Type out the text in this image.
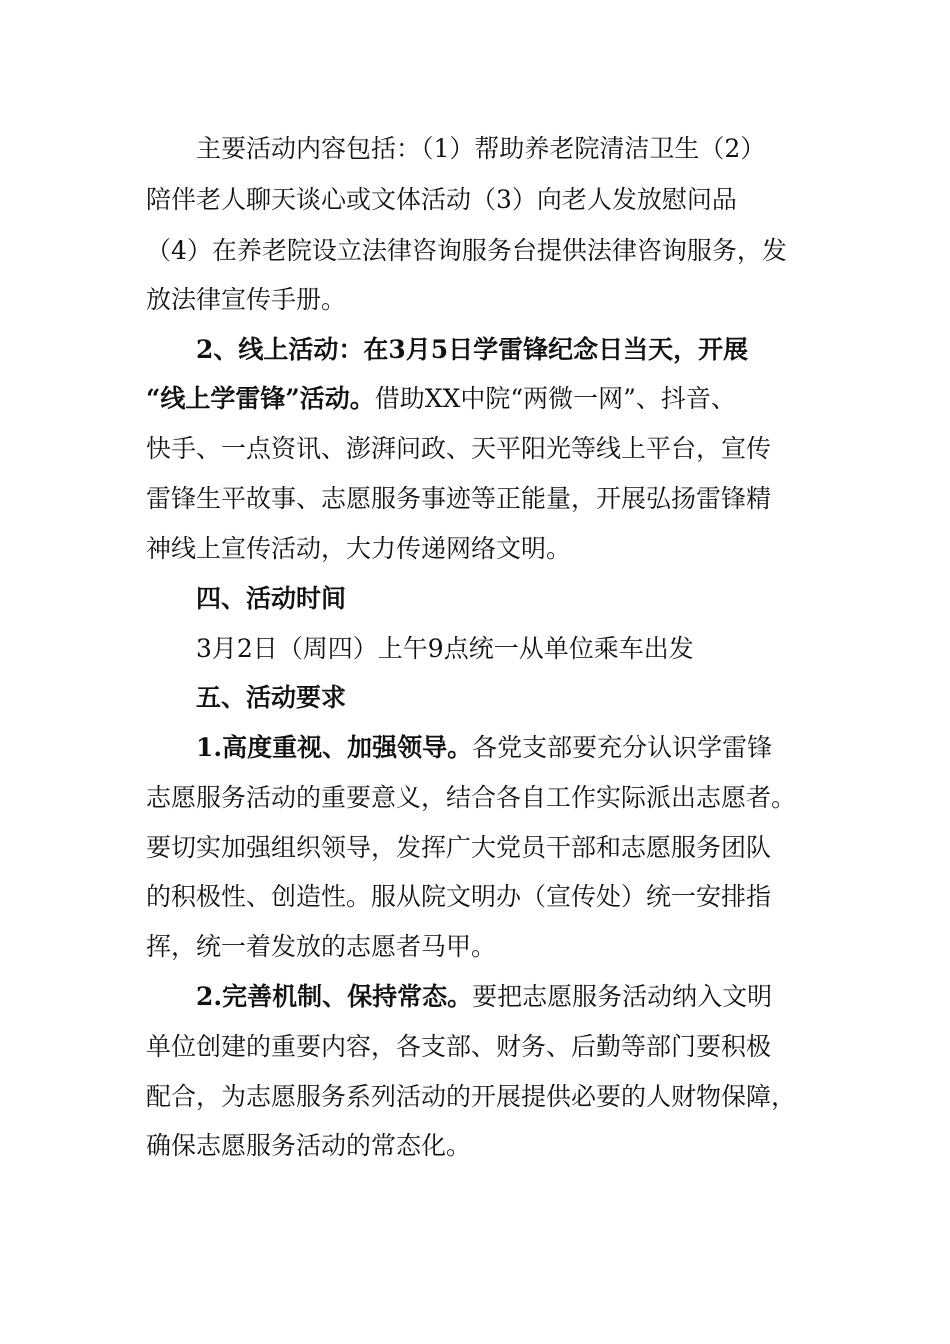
主要活动内容包括：（1）帮助养老院清洁卫生（2）
陪伴老人聊天谈心或文体活动（3）向老人发放慰问品
（4）在养老院设立法律咨询服务台提供法律咨询服务，发
放法律宣传手册。
2、线上活动：在3月5日学雷锋纪念日当天，开展
“线上学雷锋”活动。借助XX中院“两微一网”、抖音、
快手、一点资讯、澎湃问政、天平阳光等线上平台，宣传
雷锋生平故事、志愿服务事迹等正能量，开展弘扬雷锋精
神线上宣传活动，大力传递网络文明。
四、活动时间
3月2日（周四）上午9点统一从单位乘车出发
五、活动要求
1.高度重视、加强领导。各党支部要充分认识学雷锋
志愿服务活动的重要意义，结合各自工作实际派出志愿者。
要切实加强组织领导，发挥广大党员干部和志愿服务团队
的积极性、创造性。服从院文明办（宣传处）统一安排指
挥，统一着发放的志愿者马甲。
2.完善机制、保持常态。要把志愿服务活动纳入文明
单位创建的重要内容，各支部、财务、后勤等部门要积极
配合，为志愿服务系列活动的开展提供必要的人财物保障，
确保志愿服务活动的常态化。
